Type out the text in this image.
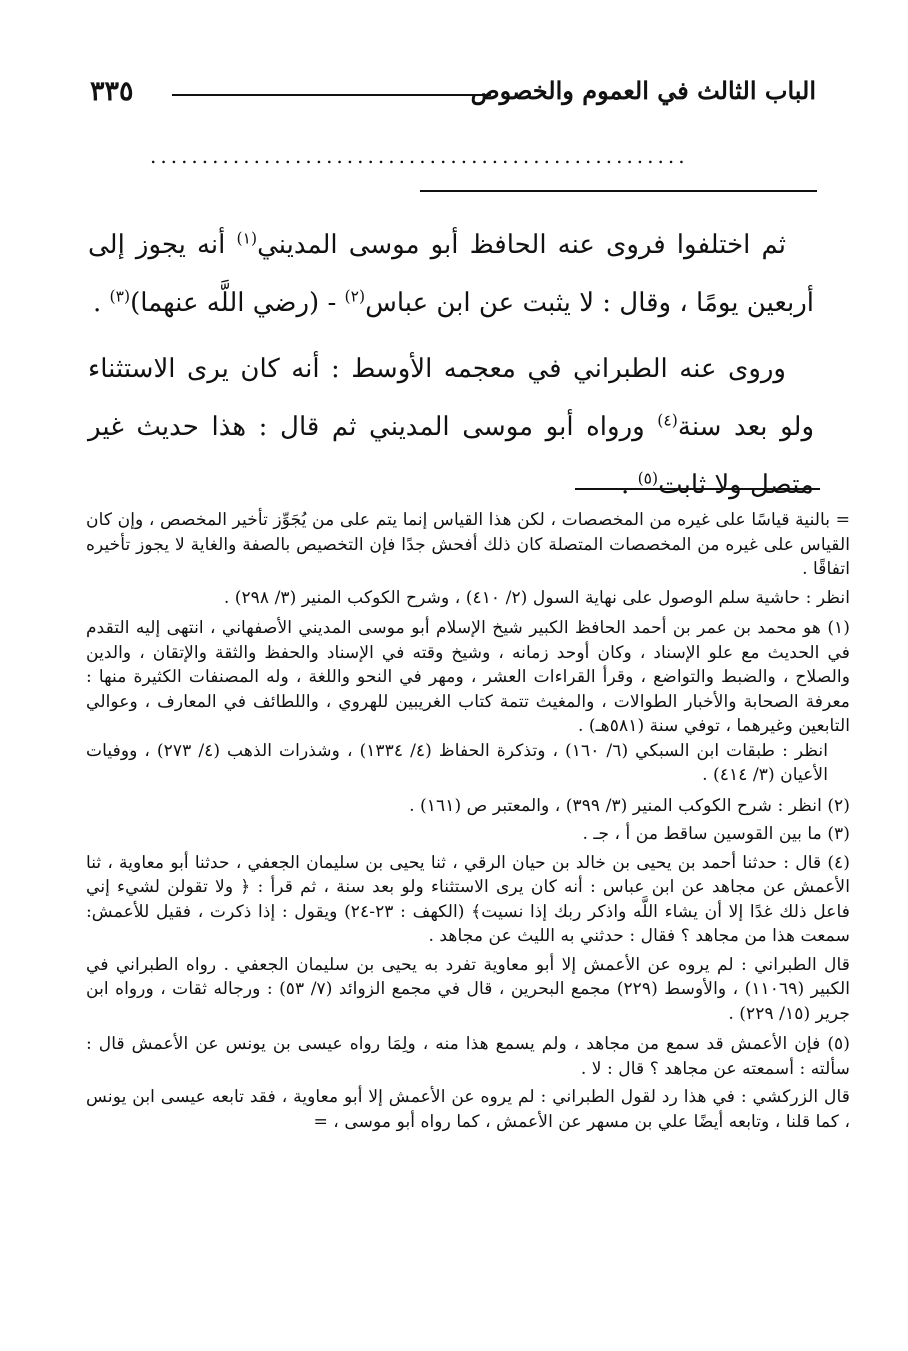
٣٣٥	الباب الثالث في العموم والخصوص
....................................................

ثم اختلفوا فروى عنه الحافظ أبو موسى المديني$^{(١)}$ أنه يجوز إلى أربعين يومًا ، وقال : لا يثبت عن ابن عباس$^{(٢)}$ - (رضي اللَّه عنهما)$^{(٣)}$ .

وروى عنه الطبراني في معجمه الأوسط : أنه كان يرى الاستثناء ولو بعد سنة$^{(٤)}$ ورواه أبو موسى المديني ثم قال : هذا حديث غير متصل ولا ثابت$^{(٥)}$ .

= بالنية قياسًا على غيره من المخصصات ، لكن هذا القياس إنما يتم على من يُجَوِّز تأخير المخصص ، وإن كان القياس على غيره من المخصصات المتصلة كان ذلك أفحش جدًا فإن التخصيص بالصفة والغاية لا يجوز تأخيره اتفاقًا .

انظر : حاشية سلم الوصول على نهاية السول (٢/ ٤١٠) ، وشرح الكوكب المنير (٣/ ٢٩٨) .

(١) هو محمد بن عمر بن أحمد الحافظ الكبير شيخ الإسلام أبو موسى المديني الأصفهاني ، انتهى إليه التقدم في الحديث مع علو الإسناد ، وكان أوحد زمانه ، وشيخ وقته في الإسناد والحفظ والثقة والإتقان ، والدين والصلاح ، والضبط والتواضع ، وقرأ القراءات العشر ، ومهر في النحو واللغة ، وله المصنفات الكثيرة منها : معرفة الصحابة والأخبار الطوالات ، والمغيث تتمة كتاب الغريبين للهروي ، واللطائف في المعارف ، وعوالي التابعين وغيرهما ، توفي سنة (٥٨١هـ) .

انظر : طبقات ابن السبكي (٦/ ١٦٠) ، وتذكرة الحفاظ (٤/ ١٣٣٤) ، وشذرات الذهب (٤/ ٢٧٣) ، ووفيات الأعيان (٣/ ٤١٤) .

(٢) انظر : شرح الكوكب المنير (٣/ ٣٩٩) ، والمعتبر ص (١٦١) .

(٣) ما بين القوسين ساقط من أ ، جـ .

(٤) قال : حدثنا أحمد بن يحيى بن خالد بن حيان الرقي ، ثنا يحيى بن سليمان الجعفي ، حدثنا أبو معاوية ، ثنا الأعمش عن مجاهد عن ابن عباس : أنه كان يرى الاستثناء ولو بعد سنة ، ثم قرأ : ﴿ ولا تقولن لشيء إني فاعل ذلك غدًا إلا أن يشاء اللَّه واذكر ربك إذا نسيت﴾ (الكهف : ٢٣-٢٤) ويقول : إذا ذكرت ، فقيل للأعمش: سمعت هذا من مجاهد ؟ فقال : حدثني به الليث عن مجاهد .

قال الطبراني : لم يروه عن الأعمش إلا أبو معاوية تفرد به يحيى بن سليمان الجعفي . رواه الطبراني في الكبير (١١٠٦٩) ، والأوسط (٢٢٩) مجمع البحرين ، قال في مجمع الزوائد (٧/ ٥٣) : ورجاله ثقات ، ورواه ابن جرير (١٥/ ٢٢٩) .

(٥) فإن الأعمش قد سمع من مجاهد ، ولم يسمع هذا منه ، ولِمَا رواه عيسى بن يونس عن الأعمش قال : سألته : أسمعته عن مجاهد ؟ قال : لا .

قال الزركشي : في هذا رد لقول الطبراني : لم يروه عن الأعمش إلا أبو معاوية ، فقد تابعه عيسى ابن يونس ، كما قلنا ، وتابعه أيضًا علي بن مسهر عن الأعمش ، كما رواه أبو موسى ، =
